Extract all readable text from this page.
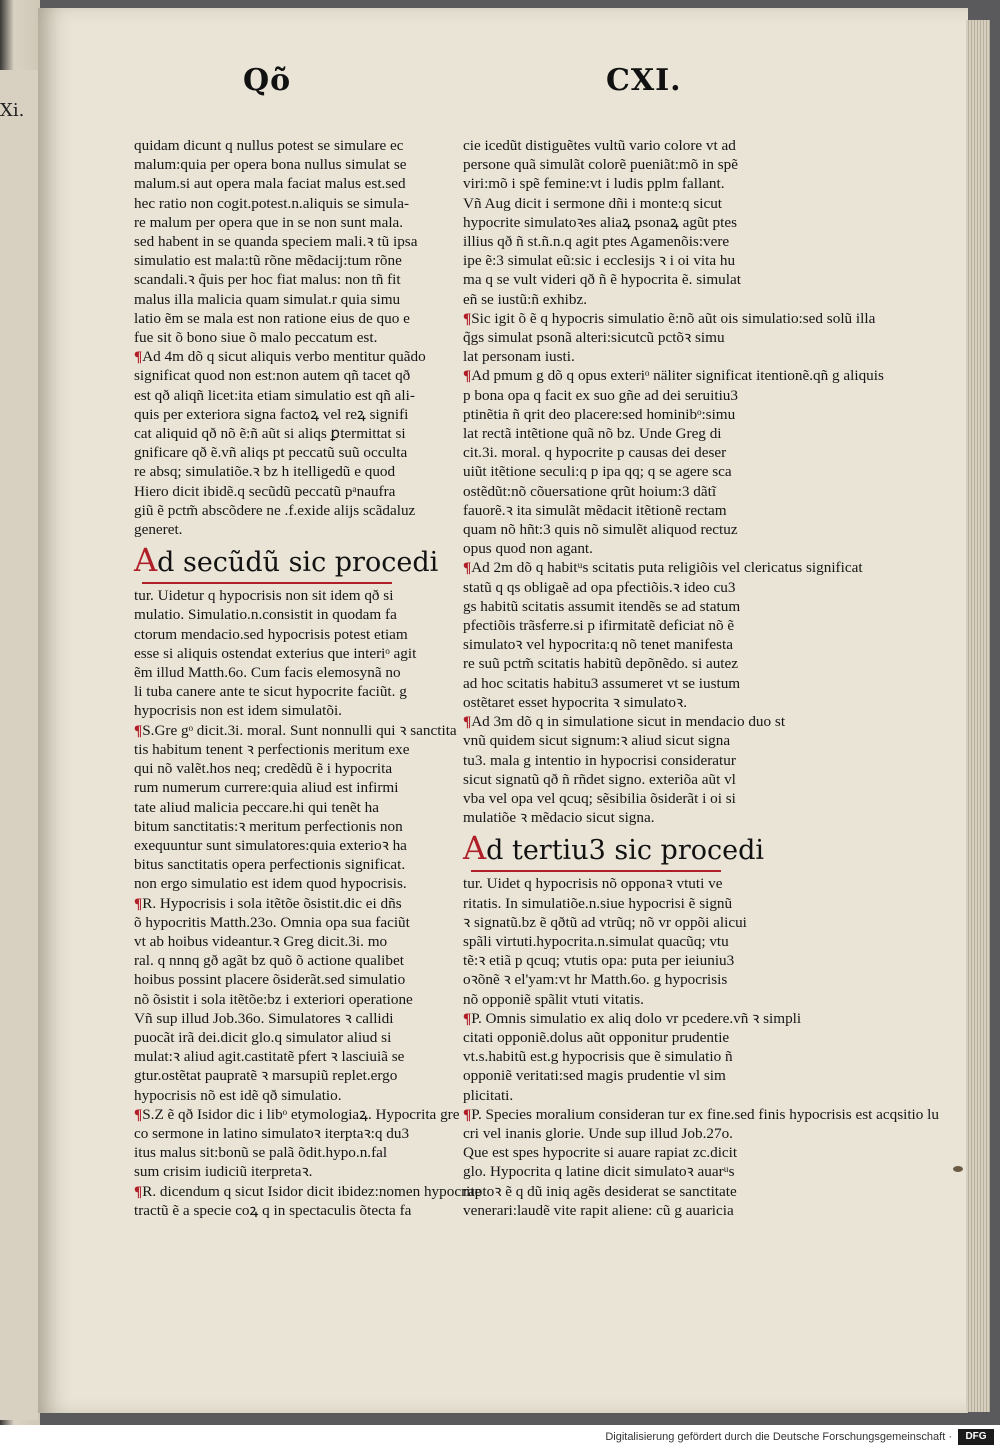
Xi.
Qõ	CXI.
quidam dicunt q nullus potest se simulare ec
malum:quia per opera bona nullus simulat se
malum.si aut opera mala faciat malus est.sed
hec ratio non cogit.potest.n.aliquis se simula-
re malum per opera que in se non sunt mala.
sed habent in se quanda speciem mali.ꝛ tũ ipsa
simulatio est mala:tũ rõne mẽdacij:tum rõne
scandali.ꝛ q̃uis per hoc fiat malus: non tñ fit
malus illa malicia quam simulat.r quia simu
latio ẽm se mala est non ratione eius de quo e
fue sit õ bono siue õ malo peccatum est.
¶Ad 4m dõ q sicut aliquis verbo mentitur quãdo
significat quod non est:non autem qñ tacet qð
est qð aliqñ licet:ita etiam simulatio est qñ ali-
quis per exteriora signa factoꝝ vel reꝝ signifi
cat aliquid qð nõ ẽ:ñ aũt si aliqs ꝑtermittat si
gnificare qð ẽ.vñ aliqs pt peccatũ suũ occulta
re absq; simulatiõe.ꝛ bz h itelligedũ e quod
Hiero dicit ibidẽ.q secũdũ peccatũ pᵃnaufra
giũ ẽ pctm̃ abscõdere ne .f.exide alijs scãdaluz
generet.
Ad secũdũ sic procedi
tur. Uidetur q hypocrisis non sit idem qð si
mulatio. Simulatio.n.consistit in quodam fa
ctorum mendacio.sed hypocrisis potest etiam
esse si aliquis ostendat exterius que interiᵒ agit
ẽm illud Matth.6o. Cum facis elemosynã no
li tuba canere ante te sicut hypocrite faciũt. g
hypocrisis non est idem simulatõi.
¶S.Gre gᵒ dicit.3i. moral. Sunt nonnulli qui ꝛ sanctita
tis habitum tenent ꝛ perfectionis meritum exe
qui nõ valẽt.hos neq; credẽdũ ẽ i hypocrita
rum numerum currere:quia aliud est infirmi
tate aliud malicia peccare.hi qui tenẽt ha
bitum sanctitatis:ꝛ meritum perfectionis non
exequuntur sunt simulatores:quia exterioꝛ ha
bitus sanctitatis opera perfectionis significat.
non ergo simulatio est idem quod hypocrisis.
¶R. Hypocrisis i sola itẽtõe õsistit.dic ei dñs
õ hypocritis Matth.23o. Omnia opa sua faciũt
vt ab hoibus videantur.ꝛ Greg dicit.3i. mo
ral. q nnnq gð agãt bz quõ õ actione qualibet
hoibus possint placere õsiderãt.sed simulatio
nõ õsistit i sola itẽtõe:bz i exteriori operatione
Vñ sup illud Job.36o. Simulatores ꝛ callidi
puocãt irã dei.dicit glo.q simulator aliud si
mulat:ꝛ aliud agit.castitatẽ pfert ꝛ lasciuiã se
gtur.ostẽtat paupratẽ ꝛ marsupiũ replet.ergo
hypocrisis nõ est idẽ qð simulatio.
¶S.Z ẽ qð Isidor dic i libᵒ etymologiaꝝ. Hypocrita gre
co sermone in latino simulatoꝛ iterptaꝛ:q du3
itus malus sit:bonũ se palã õdit.hypo.n.fal
sum crisim iudiciũ iterpretaꝛ.
¶R. dicendum q sicut Isidor dicit ibidez:nomen hypocrite
tractũ ẽ a specie coꝝ q in spectaculis õtecta fa
cie icedũt distiguẽtes vultũ vario colore vt ad
persone quã simulãt colorẽ pueniãt:mõ in spẽ
viri:mõ i spẽ femine:vt i ludis pplm fallant.
Vñ Aug dicit i sermone dñi i monte:q sicut
hypocrite simulatoꝛes aliaꝝ psonaꝝ agũt ptes
illius qð ñ st.ñ.n.q agit ptes Agamenõis:vere
ipe ẽ:3 simulat eũ:sic i ecclesijs ꝛ i oi vita hu
ma q se vult videri qð ñ ẽ hypocrita ẽ. simulat
eñ se iustũ:ñ exhibz.
¶Sic igit õ ẽ q hypocris simulatio ẽ:nõ aũt ois simulatio:sed solũ illa
q̃gs simulat psonã alteri:sicutcũ pctõꝛ simu
lat personam iusti.
¶Ad pmum g dõ q opus exteriᵒ näliter significat itentionẽ.qñ g aliquis
p bona opa q facit ex suo gñe ad dei seruitiu3
ptinẽtia ñ qrit deo placere:sed hominibᵒ:simu
lat rectã intẽtione quã nõ bz. Unde Greg di
cit.3i. moral. q hypocrite p causas dei deser
uiũt itẽtione seculi:q p ipa qq; q se agere sca
ostẽdũt:nõ cõuersatione qrũt hoium:3 dãtĩ
fauorẽ.ꝛ ita simulãt mẽdacit itẽtionẽ rectam
quam nõ hñt:3 quis nõ simulẽt aliquod rectuz
opus quod non agant.
¶Ad 2m dõ q habitᵘs scitatis puta religiõis vel clericatus significat
statũ q qs obligaẽ ad opa pfectiõis.ꝛ ideo cu3
gs habitũ scitatis assumit itendẽs se ad statum
pfectiõis trãsferre.si p ifirmitatẽ deficiat nõ ẽ
simulatoꝛ vel hypocrita:q nõ tenet manifesta
re suũ pctm̃ scitatis habitũ depõnẽdo. si autez
ad hoc scitatis habitu3 assumeret vt se iustum
ostẽtaret esset hypocrita ꝛ simulatoꝛ.
¶Ad 3m dõ q in simulatione sicut in mendacio duo st
vnũ quidem sicut signum:ꝛ aliud sicut signa
tu3. mala g intentio in hypocrisi consideratur
sicut signatũ qð ñ rñdet signo. exteriõa aũt vl
vba vel opa vel qcuq; sẽsibilia õsiderãt i oi si
mulatiõe ꝛ mẽdacio sicut signa.
Ad tertiu3 sic procedi
tur. Uidet q hypocrisis nõ opponaꝛ vtuti ve
ritatis. In simulatiõe.n.siue hypocrisi ẽ signũ
ꝛ signatũ.bz ẽ qðtũ ad vtrũq; nõ vr oppõi alicui
spãli virtuti.hypocrita.n.simulat quacũq; vtu
tẽ:ꝛ etiã p qcuq; vtutis opa: puta per ieiuniu3
oꝛõnẽ ꝛ el'yam:vt hr Matth.6o. g hypocrisis
nõ opponiẽ spãlit vtuti vitatis.
¶P. Omnis simulatio ex aliq dolo vr pcedere.vñ ꝛ simpli
citati opponiẽ.dolus aũt opponitur prudentie
vt.s.habitũ est.g hypocrisis que ẽ simulatio ñ
opponiẽ veritati:sed magis prudentie vl sim
plicitati.
¶P. Species moralium consideran tur ex fine.sed finis hypocrisis est acqsitio lu
cri vel inanis glorie. Unde sup illud Job.27o.
Que est spes hypocrite si auare rapiat zc.dicit
glo. Hypocrita q latine dicit simulatoꝛ auarᵘs
raptoꝛ ẽ q dũ iniq agẽs desiderat se sanctitate
venerari:laudẽ vite rapit aliene: cũ g auaricia
Digitalisierung gefördert durch die Deutsche Forschungsgemeinschaft ·	DFG
